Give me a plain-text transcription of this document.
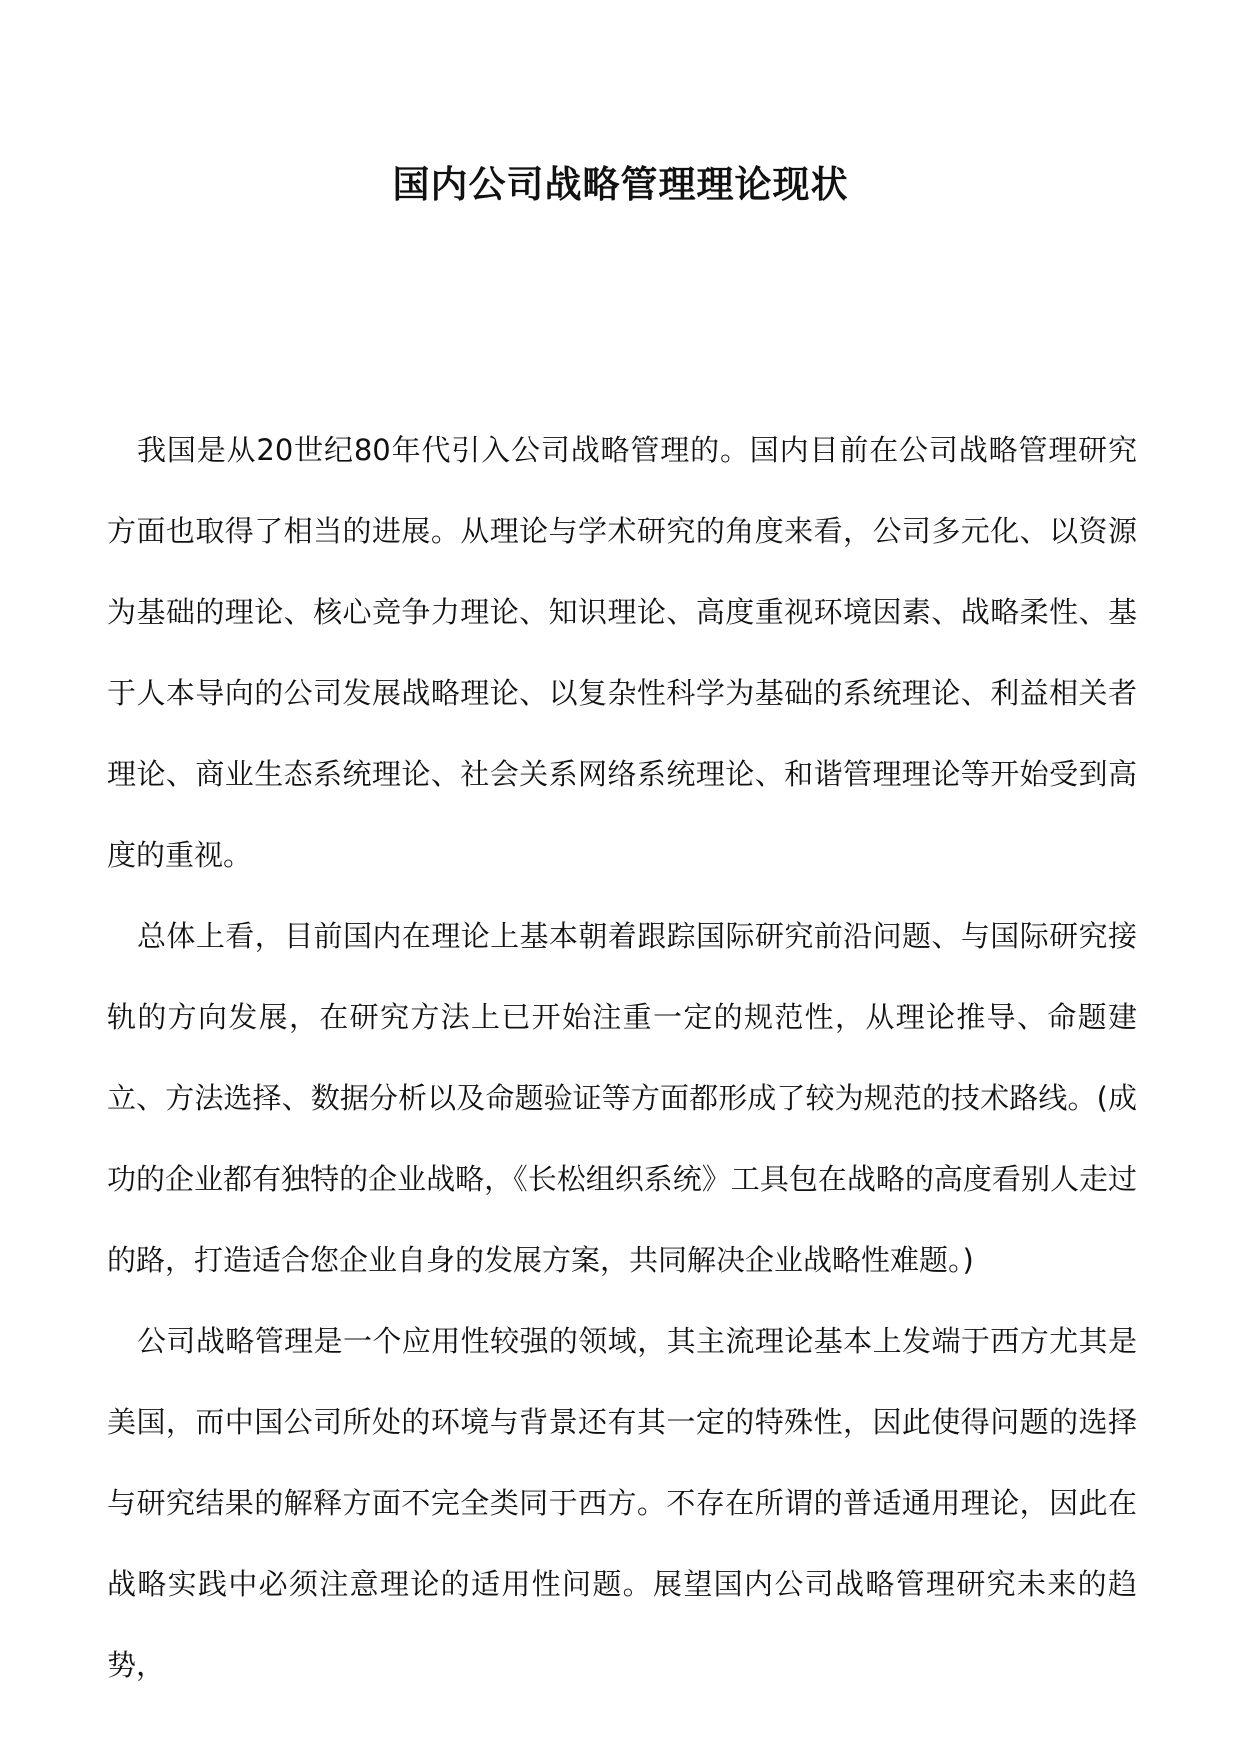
国内公司战略管理理论现状

我国是从20世纪80年代引入公司战略管理的。国内目前在公司战略管理研究方面也取得了相当的进展。从理论与学术研究的角度来看，公司多元化、以资源为基础的理论、核心竞争力理论、知识理论、高度重视环境因素、战略柔性、基于人本导向的公司发展战略理论、以复杂性科学为基础的系统理论、利益相关者理论、商业生态系统理论、社会关系网络系统理论、和谐管理理论等开始受到高度的重视。

总体上看，目前国内在理论上基本朝着跟踪国际研究前沿问题、与国际研究接轨的方向发展，在研究方法上已开始注重一定的规范性，从理论推导、命题建立、方法选择、数据分析以及命题验证等方面都形成了较为规范的技术路线。(成功的企业都有独特的企业战略，《长松组织系统》工具包在战略的高度看别人走过的路，打造适合您企业自身的发展方案，共同解决企业战略性难题。)

公司战略管理是一个应用性较强的领域，其主流理论基本上发端于西方尤其是美国，而中国公司所处的环境与背景还有其一定的特殊性，因此使得问题的选择与研究结果的解释方面不完全类同于西方。不存在所谓的普适通用理论，因此在战略实践中必须注意理论的适用性问题。展望国内公司战略管理研究未来的趋势，
